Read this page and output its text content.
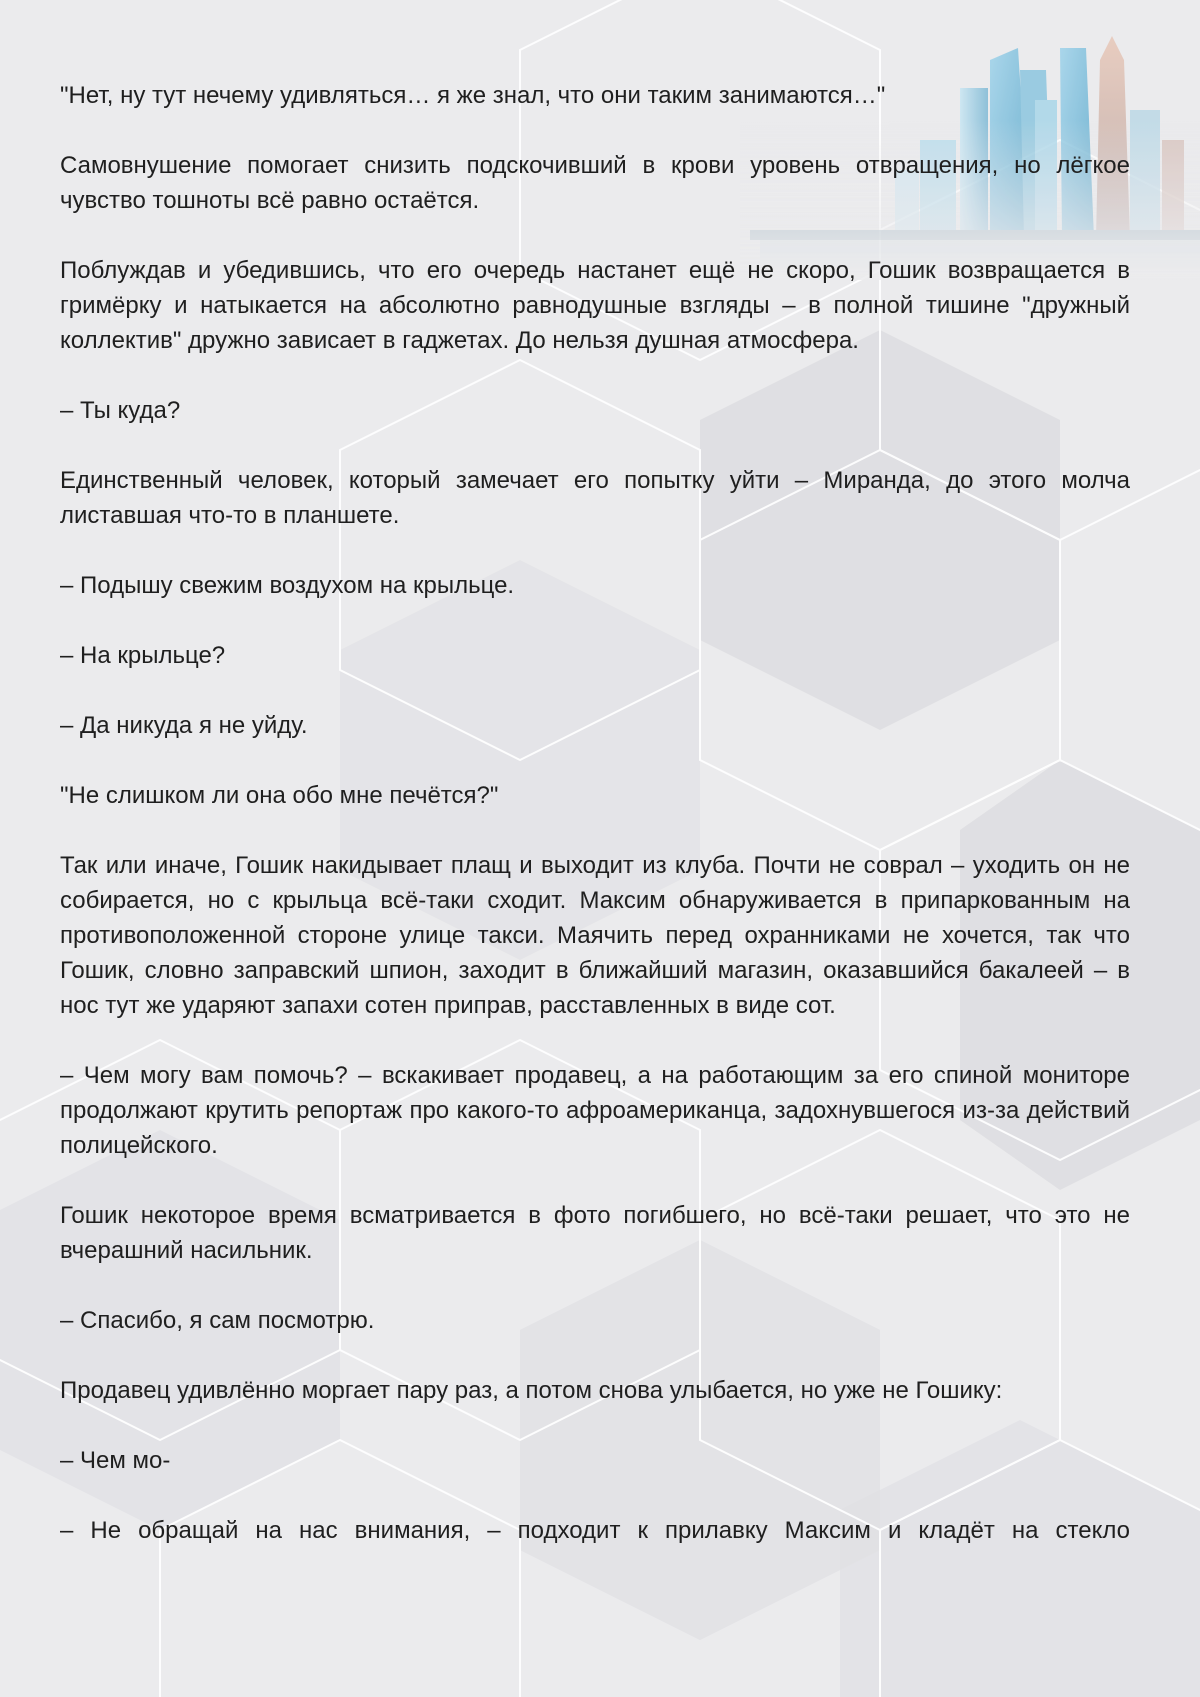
"Нет, ну тут нечему удивляться… я же знал, что они таким занимаются…"

Самовнушение помогает снизить подскочивший в крови уровень отвращения, но лёгкое чувство тошноты всё равно остаётся.

Поблуждав и убедившись, что его очередь настанет ещё не скоро, Гошик возвращается в гримёрку и натыкается на абсолютно равнодушные взгляды – в полной тишине "дружный коллектив" дружно зависает в гаджетах. До нельзя душная атмосфера.

– Ты куда?

Единственный человек, который замечает его попытку уйти – Миранда, до этого молча листавшая что-то в планшете.

– Подышу свежим воздухом на крыльце.

– На крыльце?

– Да никуда я не уйду.

"Не слишком ли она обо мне печётся?"

Так или иначе, Гошик накидывает плащ и выходит из клуба. Почти не соврал – уходить он не собирается, но с крыльца всё-таки сходит. Максим обнаруживается в припаркованным на противоположенной стороне улице такси. Маячить перед охранниками не хочется, так что Гошик, словно заправский шпион, заходит в ближайший магазин, оказавшийся бакалеей – в нос тут же ударяют запахи сотен приправ, расставленных в виде сот.

– Чем могу вам помочь? – вскакивает продавец, а на работающим за его спиной мониторе продолжают крутить репортаж про какого-то афроамериканца, задохнувшегося из-за действий полицейского.

Гошик некоторое время всматривается в фото погибшего, но всё-таки решает, что это не вчерашний насильник.

– Спасибо, я сам посмотрю.

Продавец удивлённо моргает пару раз, а потом снова улыбается, но уже не Гошику:

– Чем мо-

– Не обращай на нас внимания, – подходит к прилавку Максим и кладёт на стекло
